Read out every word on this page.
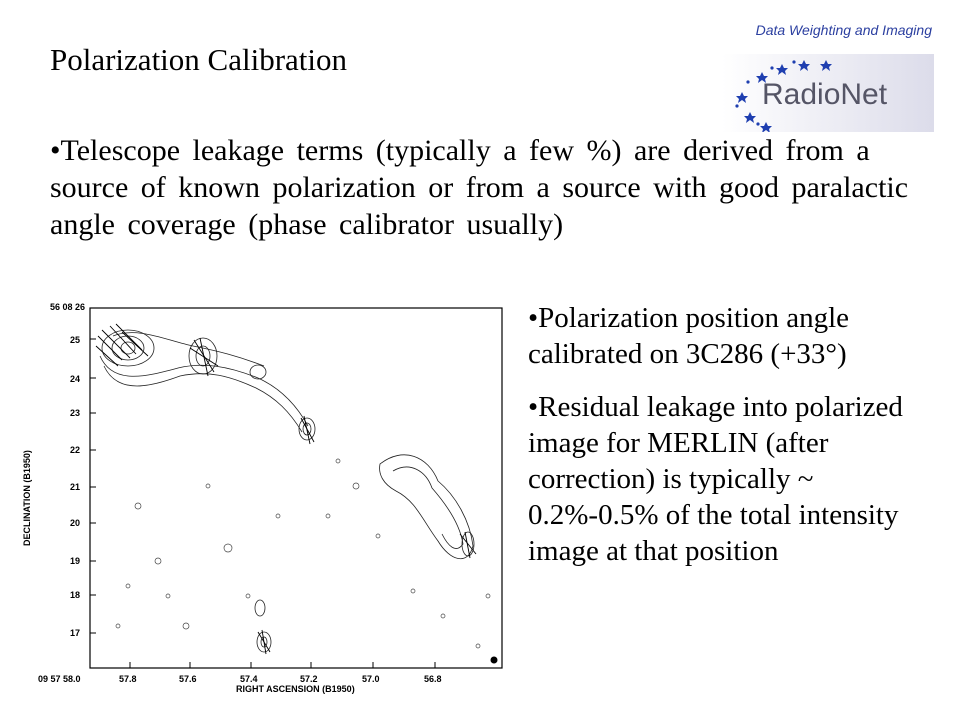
Data Weighting and Imaging
RadioNet
Polarization Calibration
•Telescope leakage terms (typically a few %) are derived from a source of known polarization or from a source with good paralactic angle coverage (phase calibrator usually)
•Polarization position angle calibrated on 3C286 (+33°)
•Residual leakage into polarized image for MERLIN (after correction) is typically ~ 0.2%-0.5% of the total intensity image at that position
56 08 26
25
24
23
22
21
20
19
18
17
09 57 58.0	57.8	57.6	57.4	57.2	57.0	56.8
RIGHT ASCENSION (B1950)
DECLINATION (B1950)
